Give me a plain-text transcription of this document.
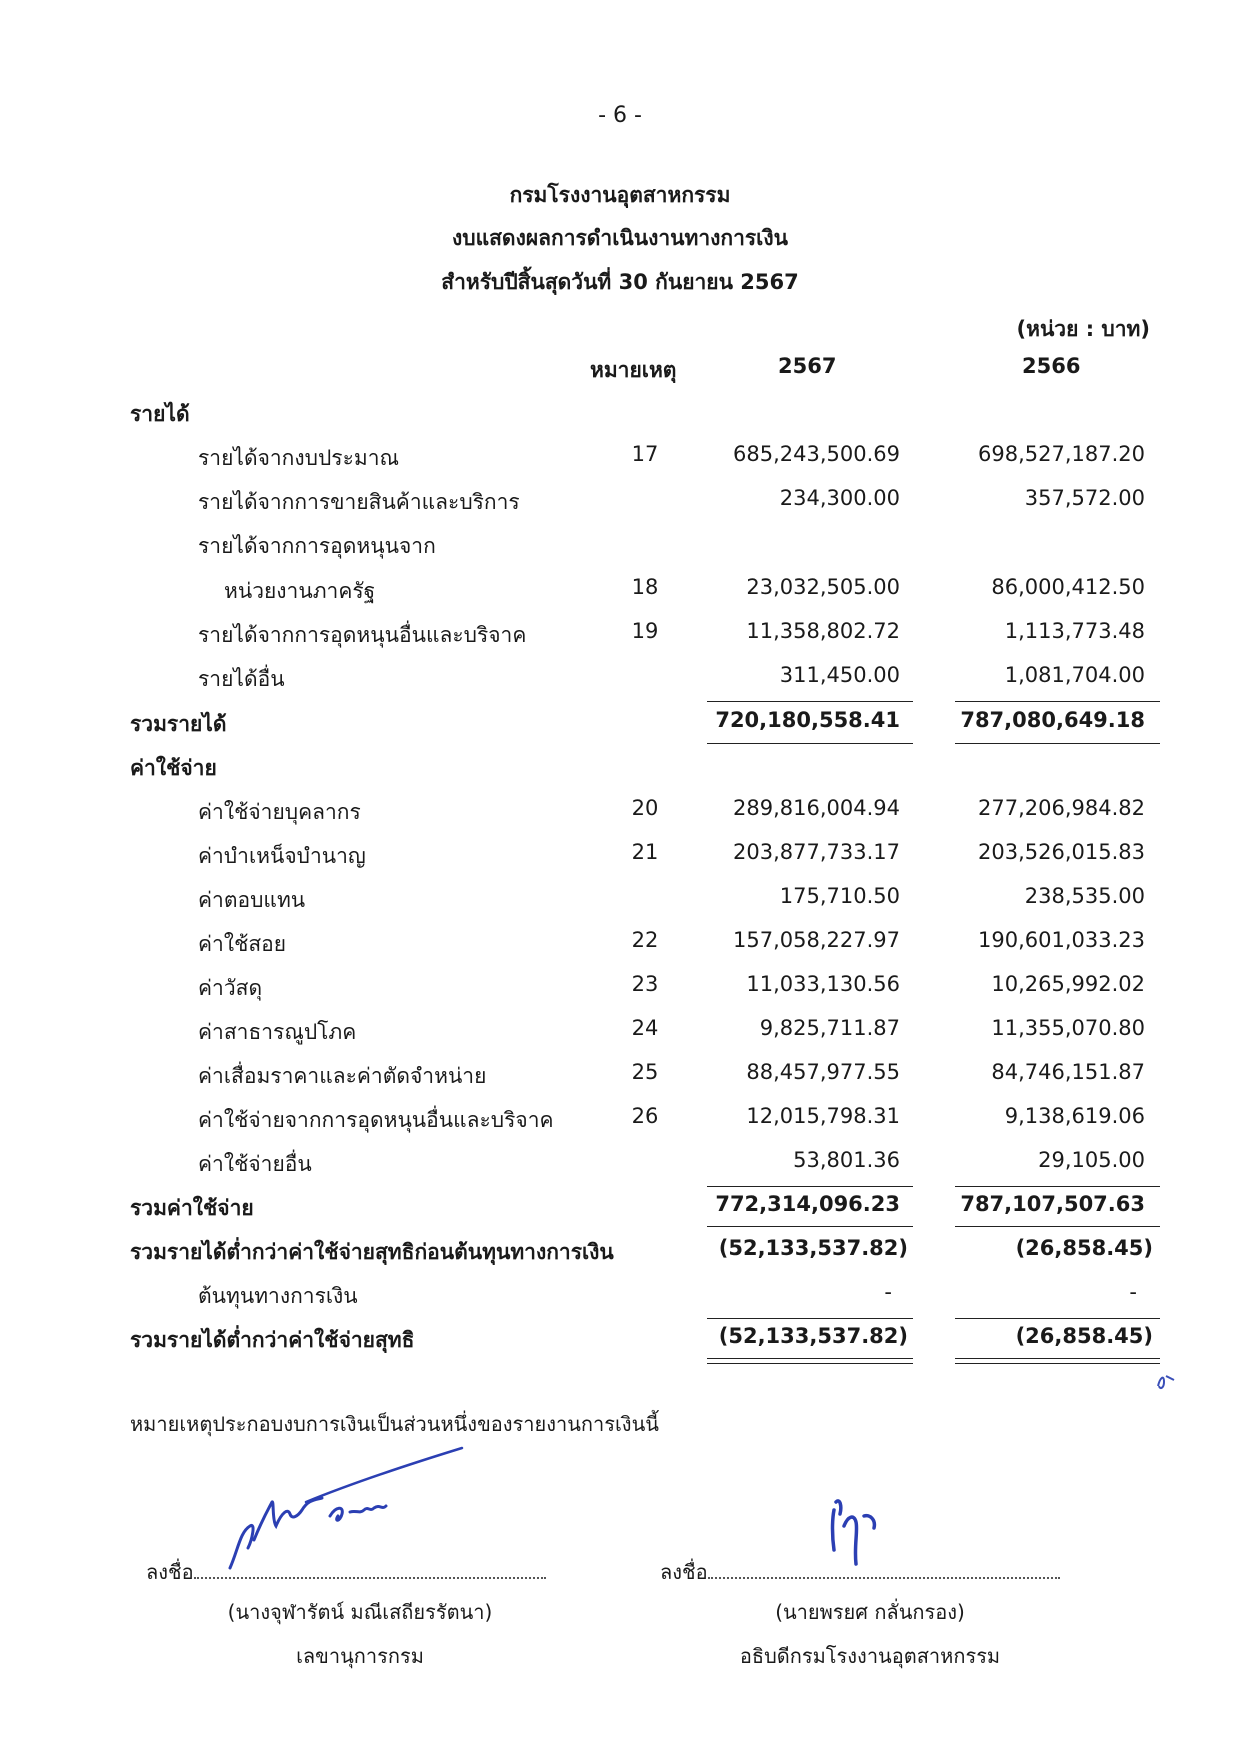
- 6 -
กรมโรงงานอุตสาหกรรม
งบแสดงผลการดำเนินงานทางการเงิน
สำหรับปีสิ้นสุดวันที่ 30 กันยายน 2567
(หน่วย : บาท)
หมายเหตุ	2567	2566
รายได้
รายได้จากงบประมาณ	17	685,243,500.69	698,527,187.20
รายได้จากการขายสินค้าและบริการ	234,300.00	357,572.00
รายได้จากการอุดหนุนจาก
หน่วยงานภาครัฐ	18	23,032,505.00	86,000,412.50
รายได้จากการอุดหนุนอื่นและบริจาค	19	11,358,802.72	1,113,773.48
รายได้อื่น	311,450.00	1,081,704.00
รวมรายได้	720,180,558.41	787,080,649.18
ค่าใช้จ่าย
ค่าใช้จ่ายบุคลากร	20	289,816,004.94	277,206,984.82
ค่าบำเหน็จบำนาญ	21	203,877,733.17	203,526,015.83
ค่าตอบแทน	175,710.50	238,535.00
ค่าใช้สอย	22	157,058,227.97	190,601,033.23
ค่าวัสดุ	23	11,033,130.56	10,265,992.02
ค่าสาธารณูปโภค	24	9,825,711.87	11,355,070.80
ค่าเสื่อมราคาและค่าตัดจำหน่าย	25	88,457,977.55	84,746,151.87
ค่าใช้จ่ายจากการอุดหนุนอื่นและบริจาค	26	12,015,798.31	9,138,619.06
ค่าใช้จ่ายอื่น	53,801.36	29,105.00
รวมค่าใช้จ่าย	772,314,096.23	787,107,507.63
รวมรายได้ต่ำกว่าค่าใช้จ่ายสุทธิก่อนต้นทุนทางการเงิน	(52,133,537.82)	(26,858.45)
ต้นทุนทางการเงิน	-	-
รวมรายได้ต่ำกว่าค่าใช้จ่ายสุทธิ	(52,133,537.82)	(26,858.45)
หมายเหตุประกอบงบการเงินเป็นส่วนหนึ่งของรายงานการเงินนี้
ลงชื่อ
(นางจุฬารัตน์ มณีเสถียรรัตนา)
เลขานุการกรม
ลงชื่อ
(นายพรยศ กลั่นกรอง)
อธิบดีกรมโรงงานอุตสาหกรรม
